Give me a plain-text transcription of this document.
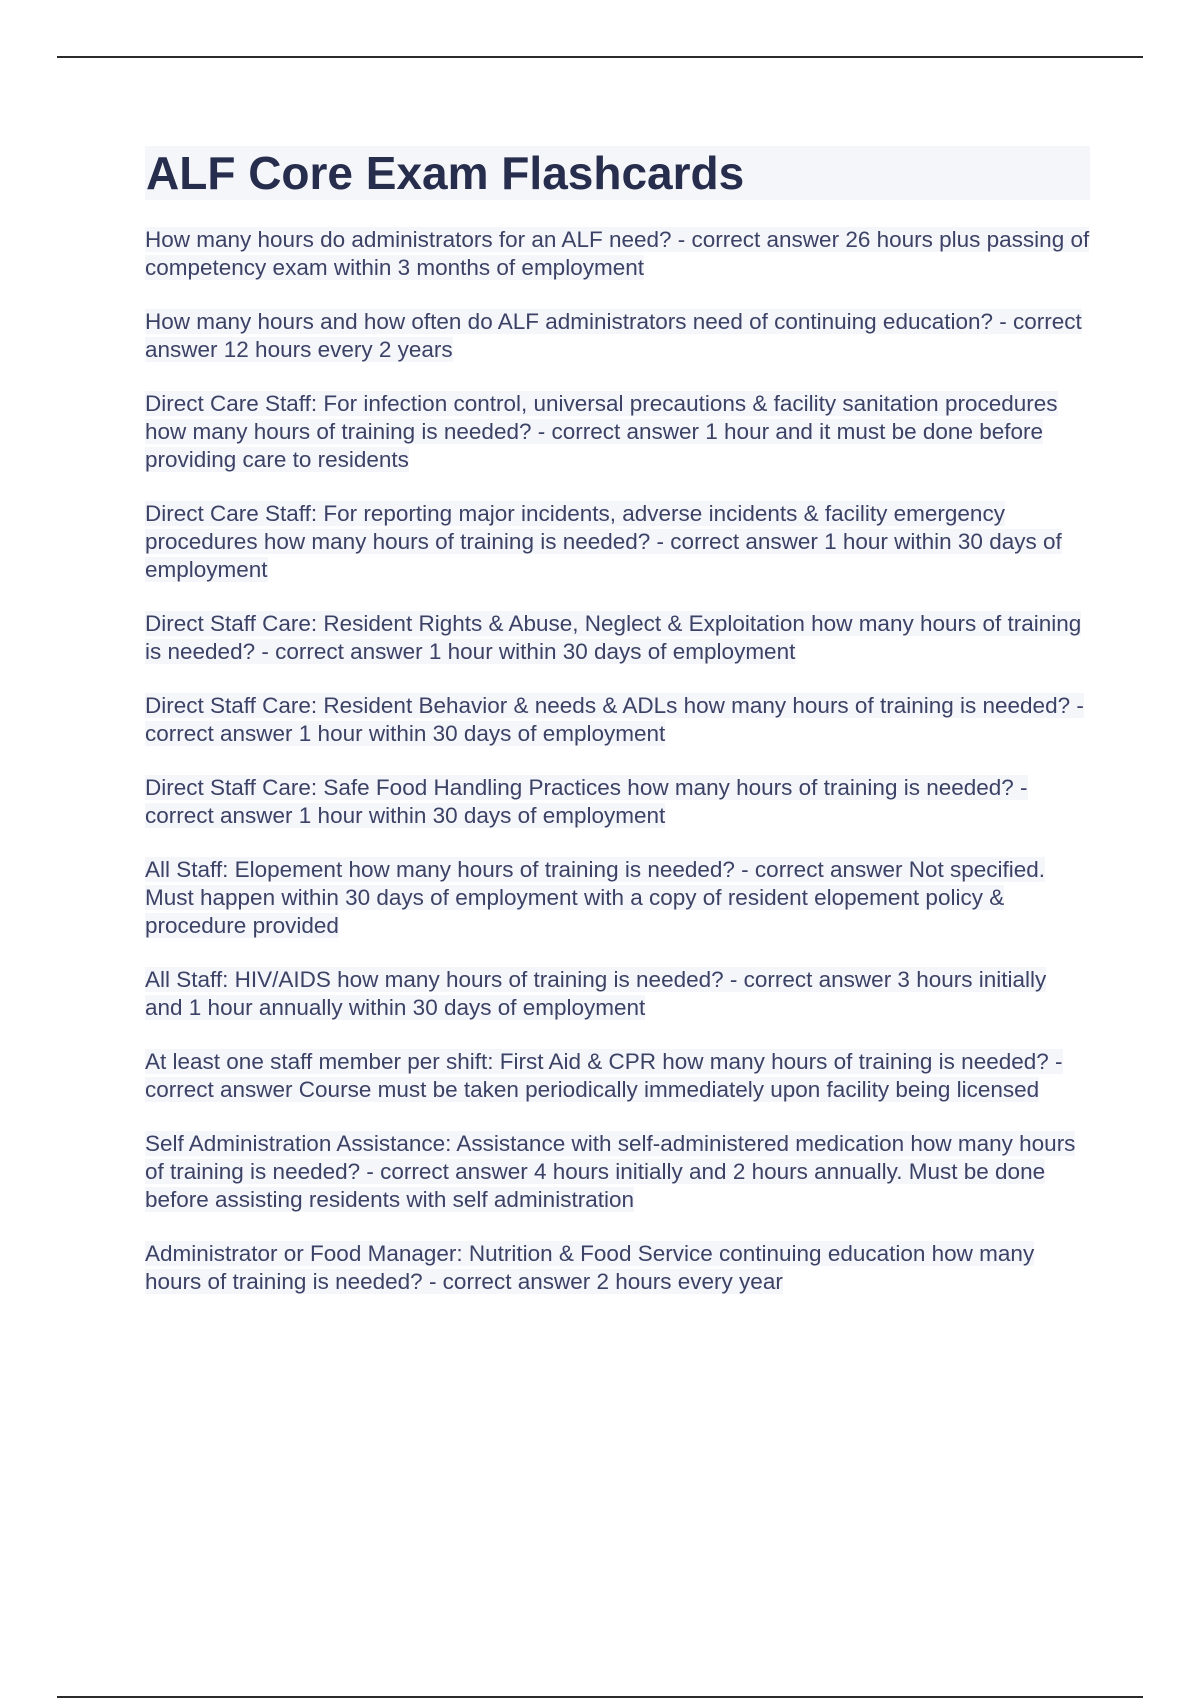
ALF Core Exam Flashcards

How many hours do administrators for an ALF need? - correct answer 26 hours plus passing of competency exam within 3 months of employment

How many hours and how often do ALF administrators need of continuing education? - correct answer 12 hours every 2 years

Direct Care Staff: For infection control, universal precautions & facility sanitation procedures how many hours of training is needed? - correct answer 1 hour and it must be done before providing care to residents

Direct Care Staff: For reporting major incidents, adverse incidents & facility emergency procedures how many hours of training is needed? - correct answer 1 hour within 30 days of employment

Direct Staff Care: Resident Rights & Abuse, Neglect & Exploitation how many hours of training is needed? - correct answer 1 hour within 30 days of employment

Direct Staff Care: Resident Behavior & needs & ADLs how many hours of training is needed? - correct answer 1 hour within 30 days of employment

Direct Staff Care: Safe Food Handling Practices how many hours of training is needed? - correct answer 1 hour within 30 days of employment

All Staff: Elopement how many hours of training is needed? - correct answer Not specified. Must happen within 30 days of employment with a copy of resident elopement policy & procedure provided

All Staff: HIV/AIDS how many hours of training is needed? - correct answer 3 hours initially and 1 hour annually within 30 days of employment

At least one staff member per shift: First Aid & CPR how many hours of training is needed? - correct answer Course must be taken periodically immediately upon facility being licensed

Self Administration Assistance: Assistance with self-administered medication how many hours of training is needed? - correct answer 4 hours initially and 2 hours annually. Must be done before assisting residents with self administration

Administrator or Food Manager: Nutrition & Food Service continuing education how many hours of training is needed? - correct answer 2 hours every year
